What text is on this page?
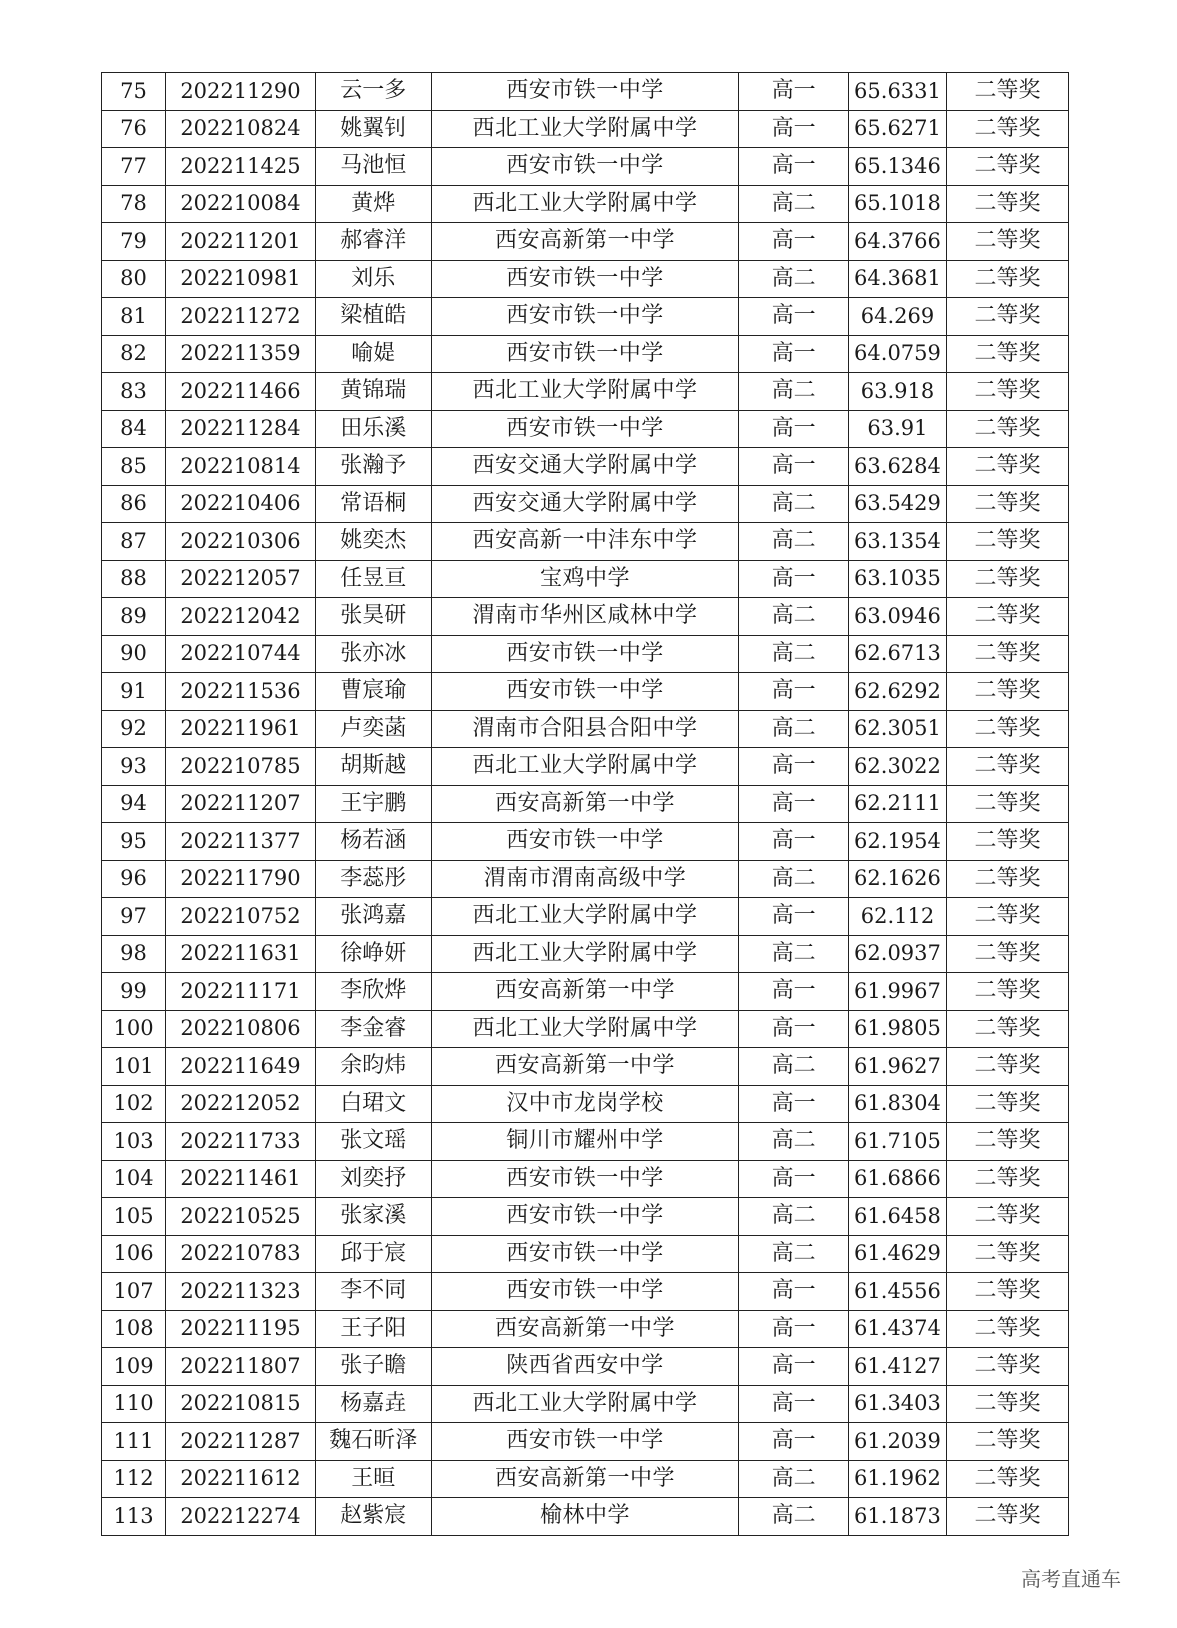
75	202211290	云一多	西安市铁一中学	高一	65.6331	二等奖
76	202210824	姚翼钊	西北工业大学附属中学	高一	65.6271	二等奖
77	202211425	马池恒	西安市铁一中学	高一	65.1346	二等奖
78	202210084	黄烨	西北工业大学附属中学	高二	65.1018	二等奖
79	202211201	郝睿洋	西安高新第一中学	高一	64.3766	二等奖
80	202210981	刘乐	西安市铁一中学	高二	64.3681	二等奖
81	202211272	梁植皓	西安市铁一中学	高一	64.269	二等奖
82	202211359	喻媞	西安市铁一中学	高一	64.0759	二等奖
83	202211466	黄锦瑞	西北工业大学附属中学	高二	63.918	二等奖
84	202211284	田乐溪	西安市铁一中学	高一	63.91	二等奖
85	202210814	张瀚予	西安交通大学附属中学	高一	63.6284	二等奖
86	202210406	常语桐	西安交通大学附属中学	高二	63.5429	二等奖
87	202210306	姚奕杰	西安高新一中沣东中学	高二	63.1354	二等奖
88	202212057	任昱亘	宝鸡中学	高一	63.1035	二等奖
89	202212042	张昊研	渭南市华州区咸林中学	高二	63.0946	二等奖
90	202210744	张亦冰	西安市铁一中学	高二	62.6713	二等奖
91	202211536	曹宸瑜	西安市铁一中学	高一	62.6292	二等奖
92	202211961	卢奕菡	渭南市合阳县合阳中学	高二	62.3051	二等奖
93	202210785	胡斯越	西北工业大学附属中学	高一	62.3022	二等奖
94	202211207	王宇鹏	西安高新第一中学	高一	62.2111	二等奖
95	202211377	杨若涵	西安市铁一中学	高一	62.1954	二等奖
96	202211790	李蕊彤	渭南市渭南高级中学	高二	62.1626	二等奖
97	202210752	张鸿嘉	西北工业大学附属中学	高一	62.112	二等奖
98	202211631	徐峥妍	西北工业大学附属中学	高二	62.0937	二等奖
99	202211171	李欣烨	西安高新第一中学	高一	61.9967	二等奖
100	202210806	李金睿	西北工业大学附属中学	高一	61.9805	二等奖
101	202211649	余昀炜	西安高新第一中学	高二	61.9627	二等奖
102	202212052	白珺文	汉中市龙岗学校	高一	61.8304	二等奖
103	202211733	张文瑶	铜川市耀州中学	高二	61.7105	二等奖
104	202211461	刘奕抒	西安市铁一中学	高一	61.6866	二等奖
105	202210525	张家溪	西安市铁一中学	高二	61.6458	二等奖
106	202210783	邱于宸	西安市铁一中学	高二	61.4629	二等奖
107	202211323	李不同	西安市铁一中学	高一	61.4556	二等奖
108	202211195	王子阳	西安高新第一中学	高一	61.4374	二等奖
109	202211807	张子瞻	陕西省西安中学	高一	61.4127	二等奖
110	202210815	杨嘉垚	西北工业大学附属中学	高一	61.3403	二等奖
111	202211287	魏石昕泽	西安市铁一中学	高一	61.2039	二等奖
112	202211612	王晅	西安高新第一中学	高二	61.1962	二等奖
113	202212274	赵紫宸	榆林中学	高二	61.1873	二等奖
高考直通车
